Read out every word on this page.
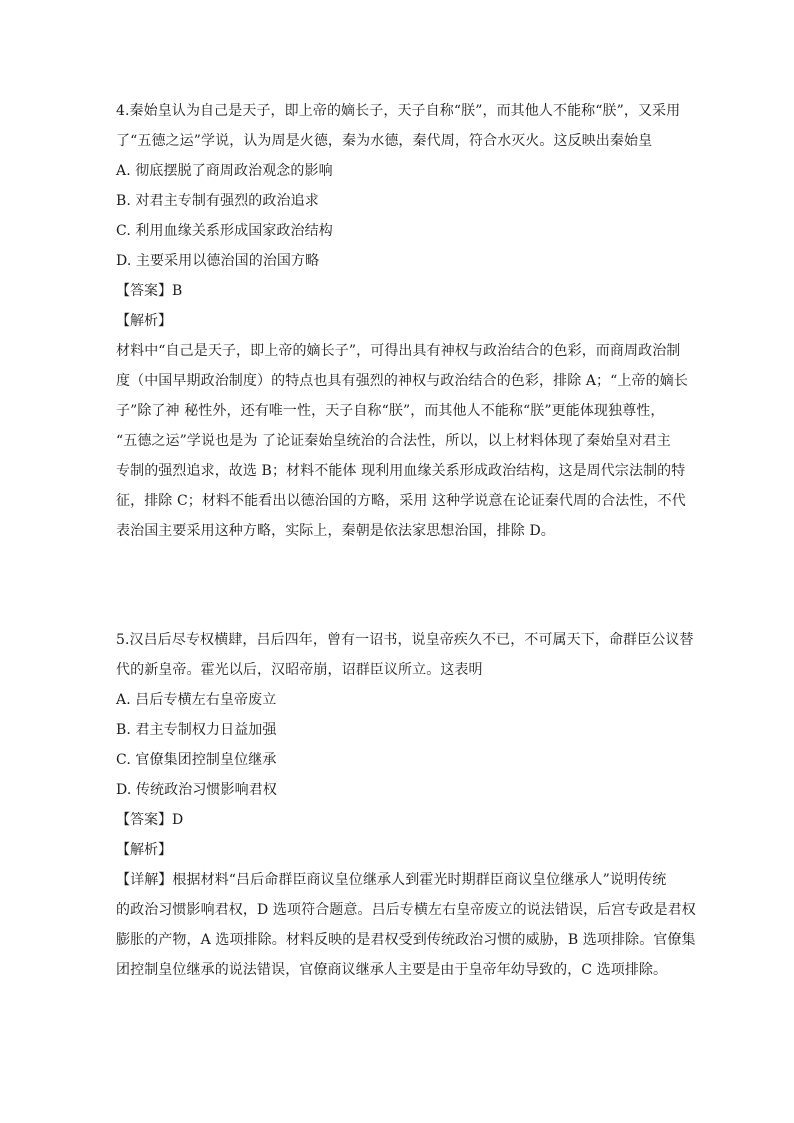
4.秦始皇认为自己是天子，即上帝的嫡长子，天子自称“朕”，而其他人不能称“朕”，又采用
了“五德之运”学说，认为周是火德，秦为水德，秦代周，符合水灭火。这反映出秦始皇
A. 彻底摆脱了商周政治观念的影响
B. 对君主专制有强烈的政治追求
C. 利用血缘关系形成国家政治结构
D. 主要采用以德治国的治国方略
【答案】B
【解析】
材料中“自己是天子，即上帝的嫡长子”，可得出具有神权与政治结合的色彩，而商周政治制
度（中国早期政治制度）的特点也具有强烈的神权与政治结合的色彩，排除 A；“上帝的嫡长
子”除了神 秘性外，还有唯一性，天子自称“朕”，而其他人不能称“朕”更能体现独尊性，
“五德之运”学说也是为 了论证秦始皇统治的合法性，所以，以上材料体现了秦始皇对君主
专制的强烈追求，故选 B；材料不能体 现利用血缘关系形成政治结构，这是周代宗法制的特
征，排除 C；材料不能看出以德治国的方略，采用 这种学说意在论证秦代周的合法性，不代
表治国主要采用这种方略，实际上，秦朝是依法家思想治国，排除 D。
5.汉吕后尽专权横肆，吕后四年，曾有一诏书，说皇帝疾久不已，不可属天下，命群臣公议替
代的新皇帝。霍光以后，汉昭帝崩，诏群臣议所立。这表明
A. 吕后专横左右皇帝废立
B. 君主专制权力日益加强
C. 官僚集团控制皇位继承
D. 传统政治习惯影响君权
【答案】D
【解析】
【详解】根据材料“吕后命群臣商议皇位继承人到霍光时期群臣商议皇位继承人”说明传统
的政治习惯影响君权，D 选项符合题意。吕后专横左右皇帝废立的说法错误，后宫专政是君权
膨胀的产物，A 选项排除。材料反映的是君权受到传统政治习惯的威胁，B 选项排除。官僚集
团控制皇位继承的说法错误，官僚商议继承人主要是由于皇帝年幼导致的，C 选项排除。
